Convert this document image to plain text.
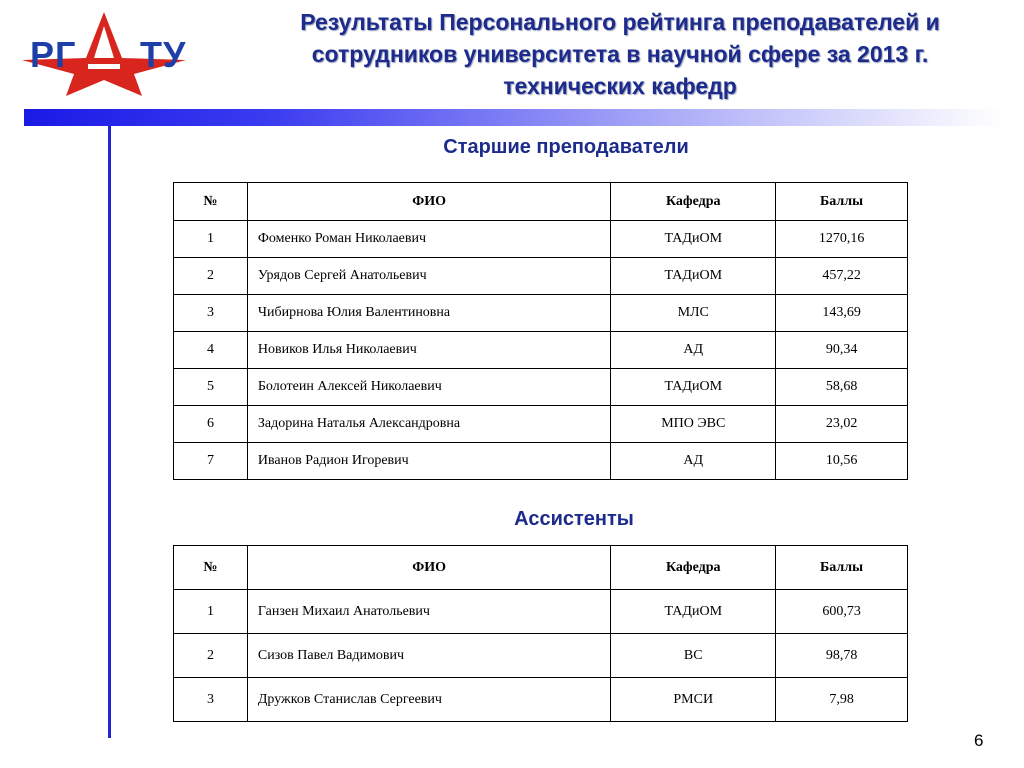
РГ ТУ
Результаты Персонального рейтинга преподавателей и
сотрудников университета в научной сфере за 2013 г.
технических кафедр
Старшие преподаватели
№	ФИО	Кафедра	Баллы
1	Фоменко Роман Николаевич	ТАДиОМ	1270,16
2	Урядов Сергей Анатольевич	ТАДиОМ	457,22
3	Чибирнова Юлия Валентиновна	МЛС	143,69
4	Новиков Илья Николаевич	АД	90,34
5	Болотеин Алексей Николаевич	ТАДиОМ	58,68
6	Задорина Наталья Александровна	МПО ЭВС	23,02
7	Иванов Радион Игоревич	АД	10,56
Ассистенты
№	ФИО	Кафедра	Баллы
1	Ганзен Михаил Анатольевич	ТАДиОМ	600,73
2	Сизов Павел Вадимович	ВС	98,78
3	Дружков Станислав Сергеевич	РМСИ	7,98
6
